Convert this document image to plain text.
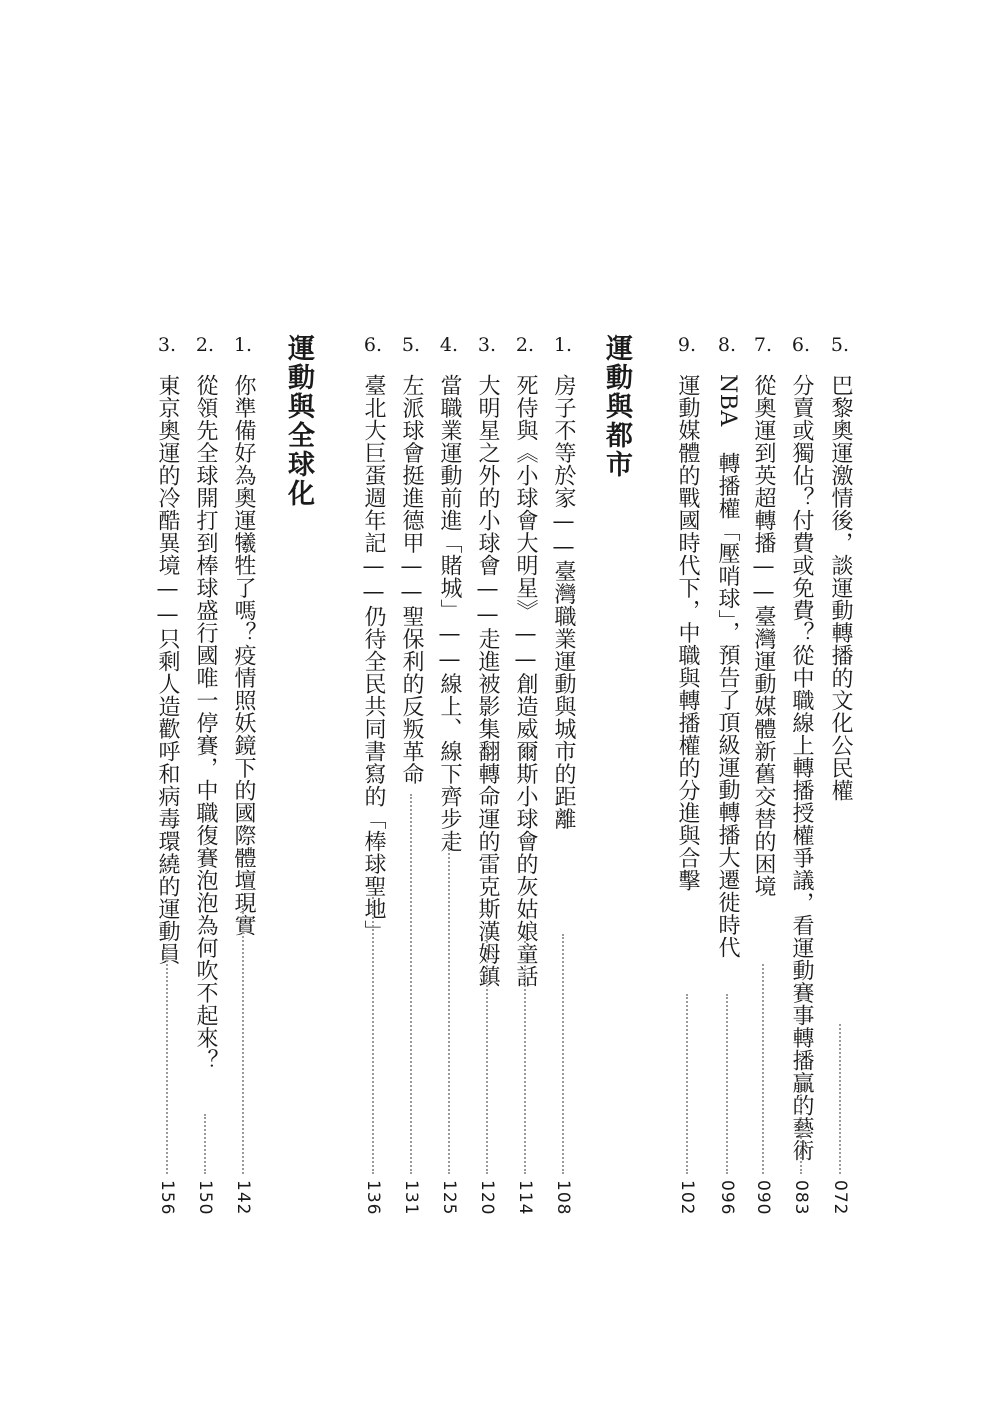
5.
巴黎奧運激情後，談運動轉播的文化公民權
072
6.
分賣或獨佔？付費或免費？從中職線上轉播授權爭議，看運動賽事轉播贏的藝術
083
7.
從奧運到英超轉播——臺灣運動媒體新舊交替的困境
090
8.
NBA 轉播權「壓哨球」，預告了頂級運動轉播大遷徙時代
096
9.
運動媒體的戰國時代下，中職與轉播權的分進與合擊
102
運動與都市
1.
房子不等於家——臺灣職業運動與城市的距離
108
2.
死侍與《小球會大明星》——創造威爾斯小球會的灰姑娘童話
114
3.
大明星之外的小球會——走進被影集翻轉命運的雷克斯漢姆鎮
120
4.
當職業運動前進「賭城」——線上、線下齊步走
125
5.
左派球會挺進德甲——聖保利的反叛革命
131
6.
臺北大巨蛋週年記——仍待全民共同書寫的「棒球聖地」
136
運動與全球化
1.
你準備好為奧運犧牲了嗎？疫情照妖鏡下的國際體壇現實
142
2.
從領先全球開打到棒球盛行國唯一停賽，中職復賽泡泡為何吹不起來？
150
3.
東京奧運的冷酷異境——只剩人造歡呼和病毒環繞的運動員
156
